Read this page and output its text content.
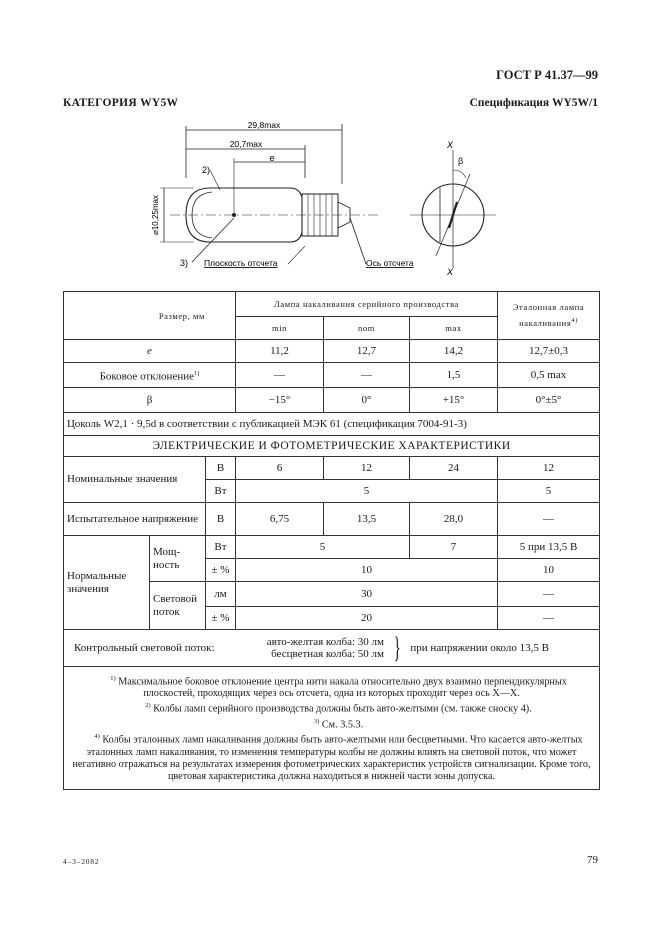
ГОСТ Р 41.37—99
КАТЕГОРИЯ WY5W	Спецификация WY5W/1
29,8max
20,7max
e
⌀10,25max
2)
3) Плоскость отсчета	Ось отсчета
X
X
β
Размер, мм			Лампа накаливания серийного производства			Эталонная лампа накаливания$^{4)}$
			min	nom	max	
e			11,2	12,7	14,2	12,7±0,3
Боковое отклонение$^{1)}$			—	—	1,5	0,5 max
β			−15°	0°	+15°	0°±5°
Цоколь W2,1 · 9,5d в соответствии с публикацией МЭК 61 (спецификация 7004-91-3)						
ЭЛЕКТРИЧЕСКИЕ И ФОТОМЕТРИЧЕСКИЕ ХАРАКТЕРИСТИКИ						
Номинальные значения		В	6	12	24	12
		Вт	5			5
Испытательное напряжение		В	6,75	13,5	28,0	—
Нормальные значения	Мощ-ность	Вт	5		7	5 при 13,5 В
		± %	10			10
	Световой поток	лм	30			—
		± %	20			—

Контрольный световой поток: авто-желтая колба: 30 лм
бесцветная колба: 50 лм } при напряжении около 13,5 В						

$^{1)}$ Максимальное боковое отклонение центра нити накала относительно двух взаимно перпендикулярных плоскостей, проходящих через ось отсчета, одна из которых проходит через ось X—X.
$^{2)}$ Колбы ламп серийного производства должны быть авто-желтыми (см. также сноску 4).
$^{3)}$ См. 3.5.3.
$^{4)}$ Колбы эталонных ламп накаливания должны быть авто-желтыми или бесцветными. Что касается авто-желтых эталонных ламп накаливания, то изменения температуры колбы не должны влиять на световой поток, что может негативно отражаться на результатах измерения фотометрических характеристик устройств сигнализации. Кроме того, цветовая характеристика должна находиться в нижней части зоны допуска.						
4–3–2082	79
